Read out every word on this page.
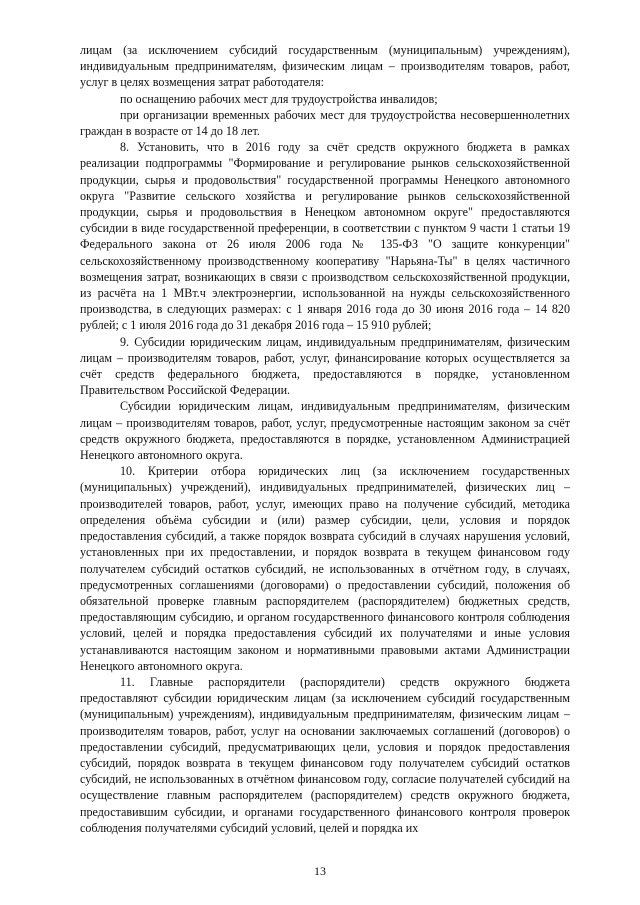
лицам (за исключением субсидий государственным (муниципальным) учреждениям), индивидуальным предпринимателям, физическим лицам – производителям товаров, работ, услуг в целях возмещения затрат работодателя:

по оснащению рабочих мест для трудоустройства инвалидов;

при организации временных рабочих мест для трудоустройства несовершеннолетних граждан в возрасте от 14 до 18 лет.

8. Установить, что в 2016 году за счёт средств окружного бюджета в рамках реализации подпрограммы "Формирование и регулирование рынков сельскохозяйственной продукции, сырья и продовольствия" государственной программы Ненецкого автономного округа "Развитие сельского хозяйства и регулирование рынков сельскохозяйственной продукции, сырья и продовольствия в Ненецком автономном округе" предоставляются субсидии в виде государственной преференции, в соответствии с пунктом 9 части 1 статьи 19 Федерального закона от 26 июля 2006 года № 135-ФЗ "О защите конкуренции" сельскохозяйственному производственному кооперативу "Нарьяна-Ты" в целях частичного возмещения затрат, возникающих в связи с производством сельскохозяйственной продукции, из расчёта на 1 МВт.ч электроэнергии, использованной на нужды сельскохозяйственного производства, в следующих размерах: с 1 января 2016 года до 30 июня 2016 года – 14 820 рублей; с 1 июля 2016 года до 31 декабря 2016 года – 15 910 рублей;

9. Субсидии юридическим лицам, индивидуальным предпринимателям, физическим лицам – производителям товаров, работ, услуг, финансирование которых осуществляется за счёт средств федерального бюджета, предоставляются в порядке, установленном Правительством Российской Федерации.

Субсидии юридическим лицам, индивидуальным предпринимателям, физическим лицам – производителям товаров, работ, услуг, предусмотренные настоящим законом за счёт средств окружного бюджета, предоставляются в порядке, установленном Администрацией Ненецкого автономного округа.

10. Критерии отбора юридических лиц (за исключением государственных (муниципальных) учреждений), индивидуальных предпринимателей, физических лиц – производителей товаров, работ, услуг, имеющих право на получение субсидий, методика определения объёма субсидии и (или) размер субсидии, цели, условия и порядок предоставления субсидий, а также порядок возврата субсидий в случаях нарушения условий, установленных при их предоставлении, и порядок возврата в текущем финансовом году получателем субсидий остатков субсидий, не использованных в отчётном году, в случаях, предусмотренных соглашениями (договорами) о предоставлении субсидий, положения об обязательной проверке главным распорядителем (распорядителем) бюджетных средств, предоставляющим субсидию, и органом государственного финансового контроля соблюдения условий, целей и порядка предоставления субсидий их получателями и иные условия устанавливаются настоящим законом и нормативными правовыми актами Администрации Ненецкого автономного округа.

11. Главные распорядители (распорядители) средств окружного бюджета предоставляют субсидии юридическим лицам (за исключением субсидий государственным (муниципальным) учреждениям), индивидуальным предпринимателям, физическим лицам – производителям товаров, работ, услуг на основании заключаемых соглашений (договоров) о предоставлении субсидий, предусматривающих цели, условия и порядок предоставления субсидий, порядок возврата в текущем финансовом году получателем субсидий остатков субсидий, не использованных в отчётном финансовом году, согласие получателей субсидий на осуществление главным распорядителем (распорядителем) средств окружного бюджета, предоставившим субсидии, и органами государственного финансового контроля проверок соблюдения получателями субсидий условий, целей и порядка их

13
